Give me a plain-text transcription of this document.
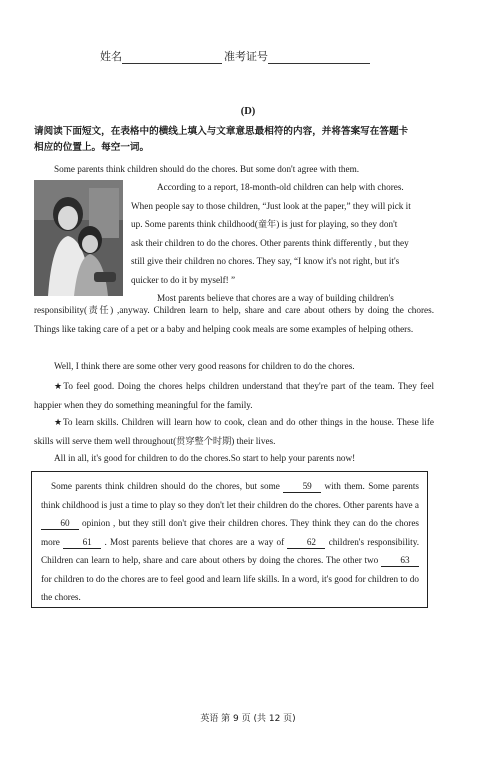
姓名	准考证号
(D)
请阅读下面短文，在表格中的横线上填入与文章意思最相符的内容，并将答案写在答题卡
相应的位置上。每空一词。
Some parents think children should do the chores. But some don't agree with them.
According to a report, 18-month-old children can help with chores.
When people say to those children, “Just look at the paper,” they will pick it
up. Some parents think childhood(童年) is just for playing, so they don't
ask their children to do the chores. Other parents think differently , but they
still give their children no chores. They say, “I know it's not right, but it's
quicker to do it by myself! ”
Most parents believe that chores are a way of building children's
responsibility(责任) ,anyway. Children learn to help, share and care about others by doing the chores. Things like taking care of a pet or a baby and helping cook meals are some examples of helping others.
Well, I think there are some other very good reasons for children to do the chores.
★To feel good. Doing the chores helps children understand that they're part of the team. They feel happier when they do something meaningful for the family.
★To learn skills. Children will learn how to cook, clean and do other things in the house. These life skills will serve them well throughout(贯穿整个时期) their lives.
All in all, it's good for children to do the chores.So start to help your parents now!
Some parents think children should do the chores, but some 59 with them. Some parents think childhood is just a time to play so they don't let their children do the chores. Other parents have a 60 opinion , but they still don't give their children chores. They think they can do the chores more 61 . Most parents believe that chores are a way of 62 children's responsibility. Children can learn to help, share and care about others by doing the chores. The other two 63 for children to do the chores are to feel good and learn life skills. In a word, it's good for children to do the chores.
英语 第 9 页 (共 12 页)
